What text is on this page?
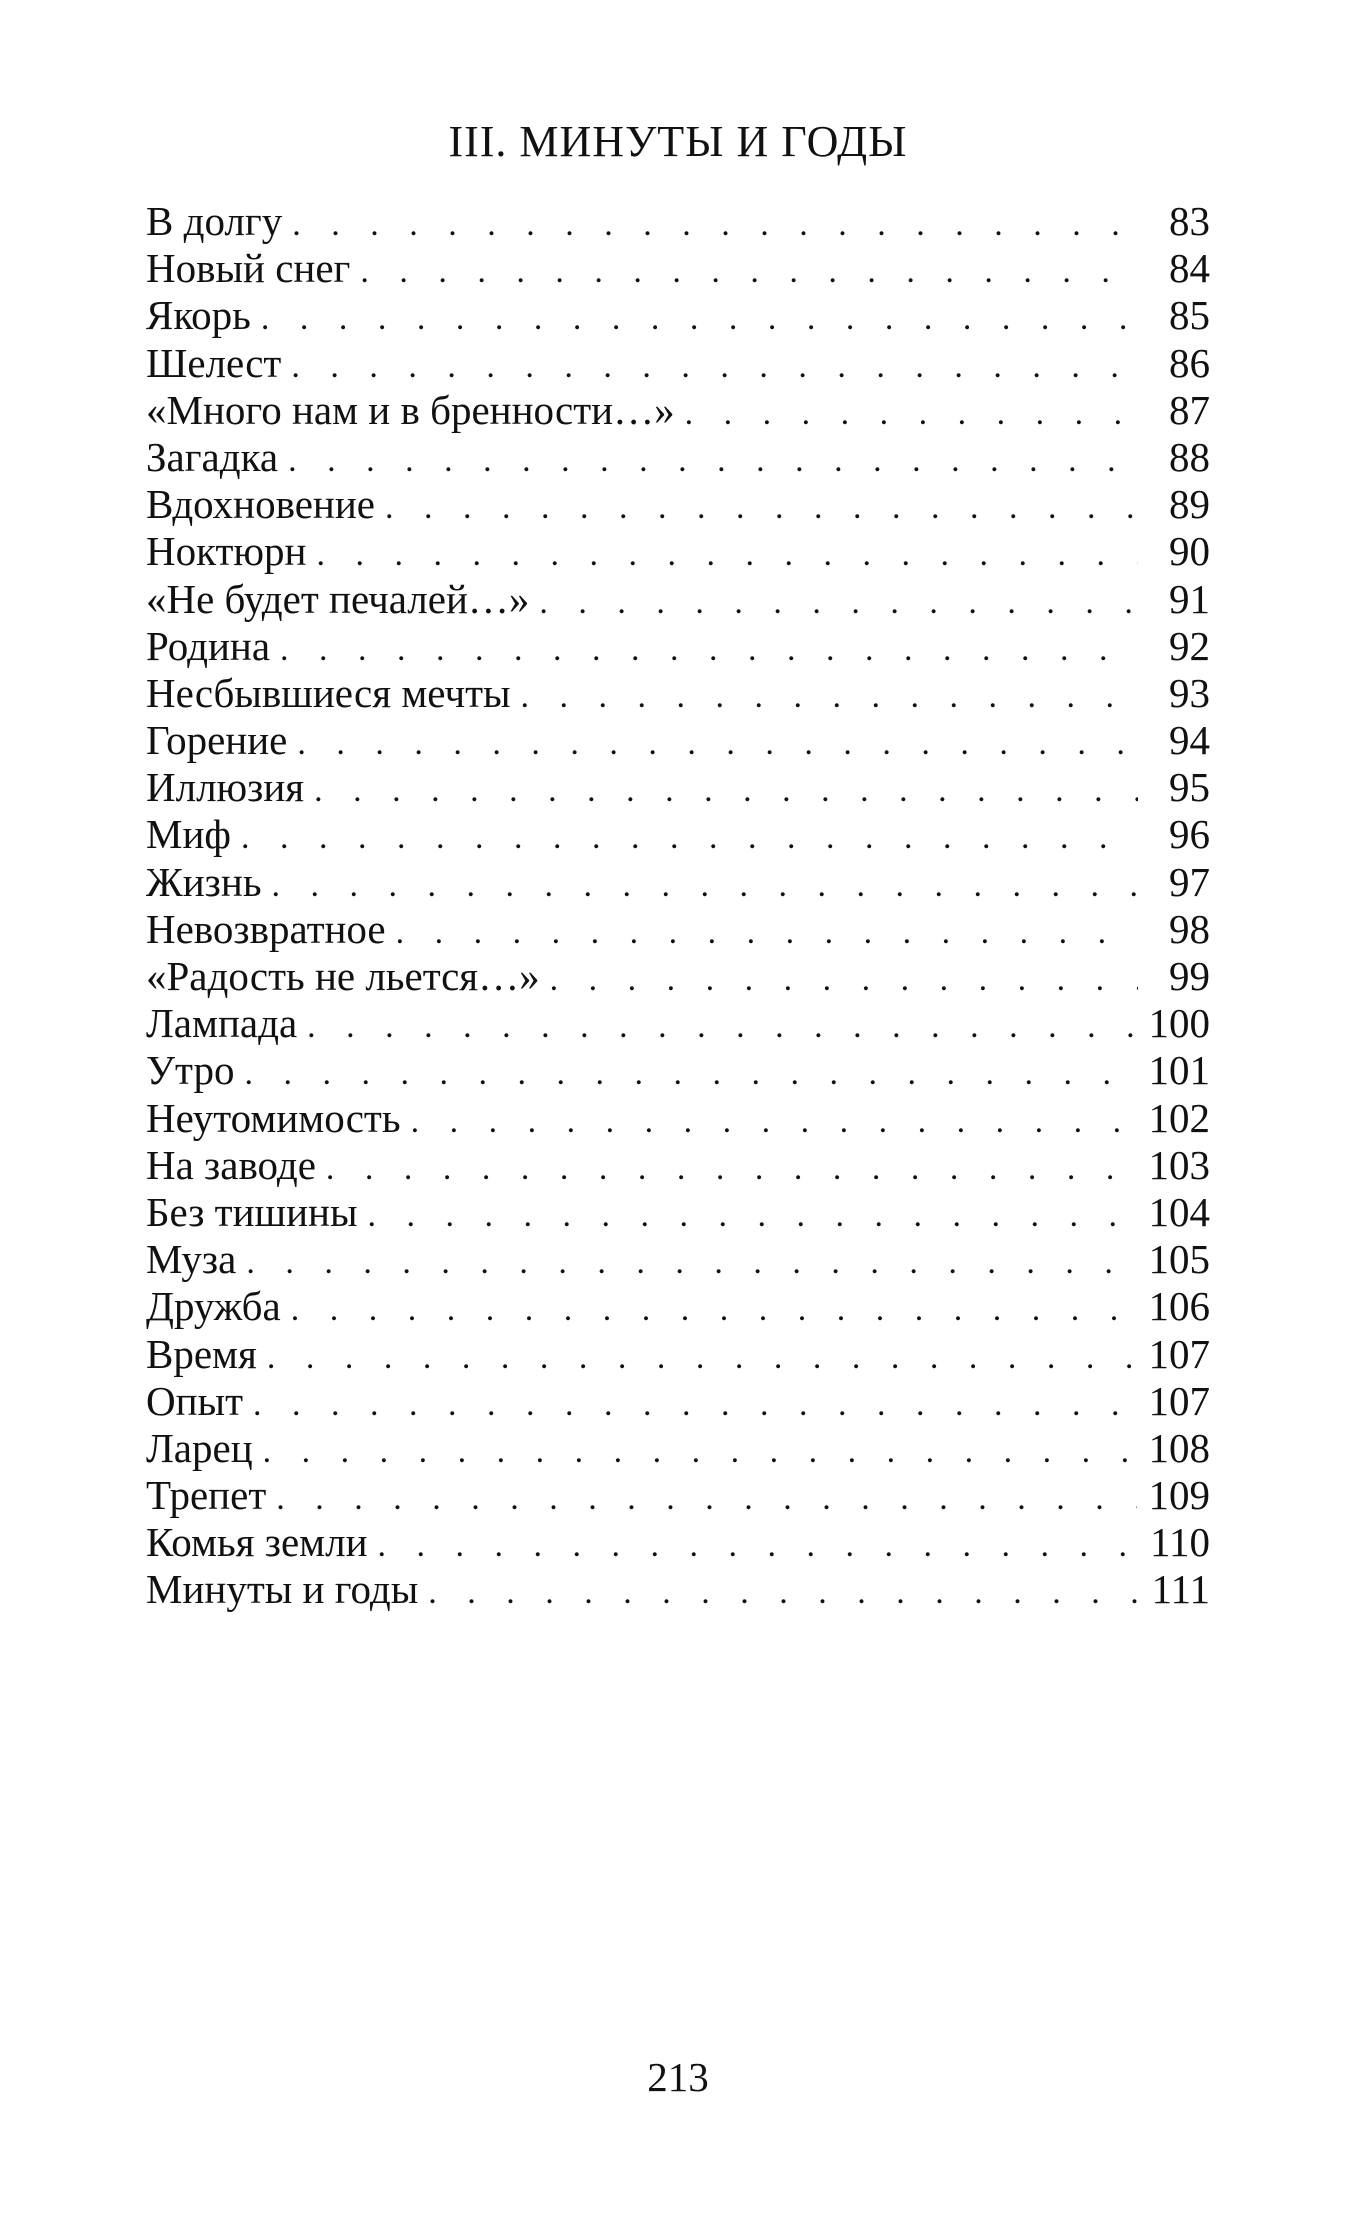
III. МИНУТЫ И ГОДЫ
В долгу . . .	83
Новый снег . . .	84
Якорь . . .	85
Шелест . . .	86
«Много нам и в бренности…» . . .	87
Загадка . . .	88
Вдохновение . . .	89
Ноктюрн . . .	90
«Не будет печалей…» . . .	91
Родина . . .	92
Несбывшиеся мечты . . .	93
Горение . . .	94
Иллюзия . . .	95
Миф . . .	96
Жизнь . . .	97
Невозвратное . . .	98
«Радость не льется…» . . .	99
Лампада . . .	100
Утро . . .	101
Неутомимость . . .	102
На заводе . . .	103
Без тишины . . .	104
Муза . . .	105
Дружба . . .	106
Время . . .	107
Опыт . . .	107
Ларец . . .	108
Трепет . . .	109
Комья земли . . .	110
Минуты и годы . . .	111
213
